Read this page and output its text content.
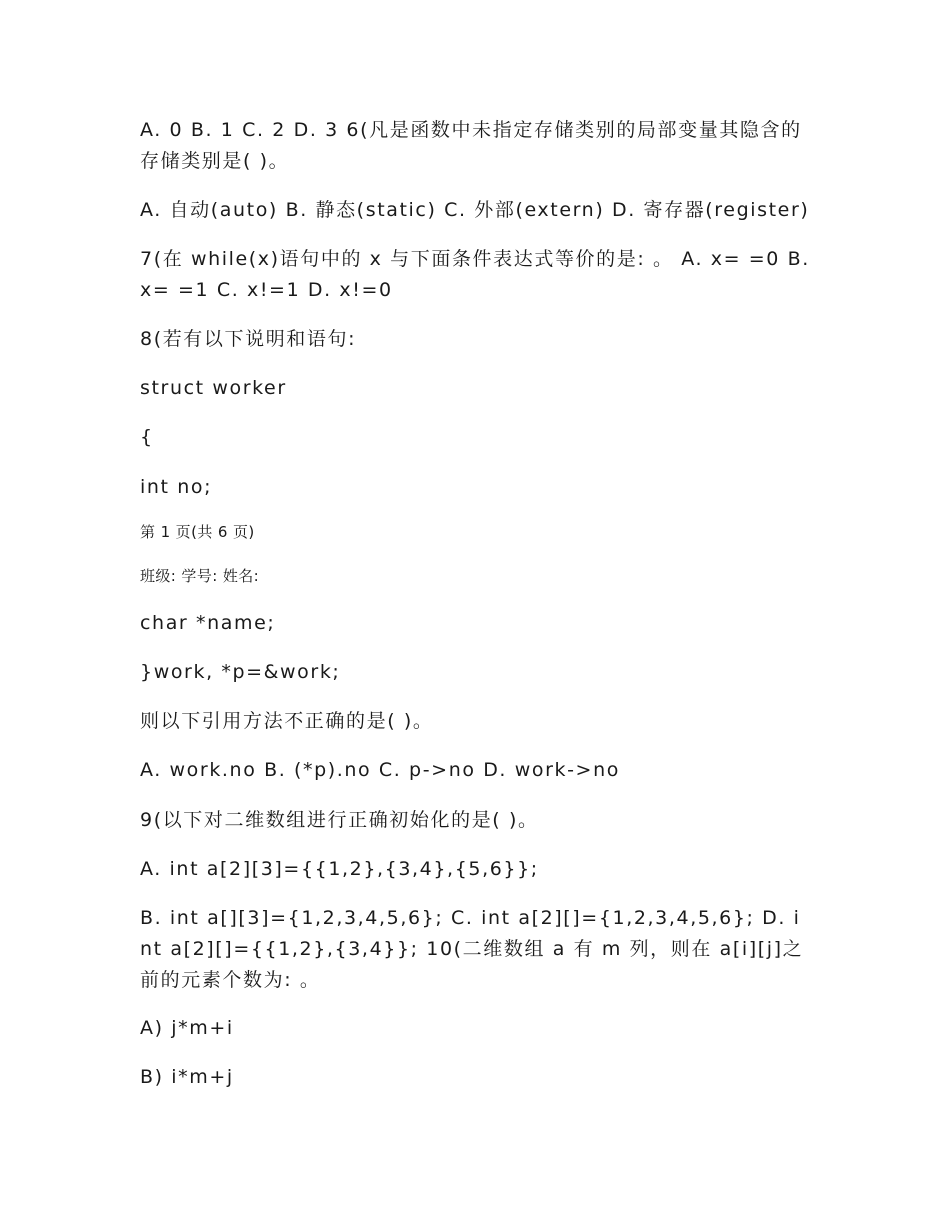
A. 0 B. 1 C. 2 D. 3 6(凡是函数中未指定存储类别的局部变量其隐含的存储类别是( )。

A. 自动(auto) B. 静态(static) C. 外部(extern) D. 寄存器(register)

7(在 while(x)语句中的 x 与下面条件表达式等价的是: 。 A. x= =0 B. x= =1 C. x!=1 D. x!=0

8(若有以下说明和语句:

struct worker

{

int no;

第 1 页(共 6 页)

班级: 学号: 姓名:

char *name;

}work, *p=&work;

则以下引用方法不正确的是( )。

A. work.no B. (*p).no C. p->no D. work->no

9(以下对二维数组进行正确初始化的是( )。

A. int a[2][3]={{1,2},{3,4},{5,6}};

B. int a[][3]={1,2,3,4,5,6}; C. int a[2][]={1,2,3,4,5,6}; D. int a[2][]={{1,2},{3,4}}; 10(二维数组 a 有 m 列，则在 a[i][j]之前的元素个数为: 。

A) j*m+i

B) i*m+j
